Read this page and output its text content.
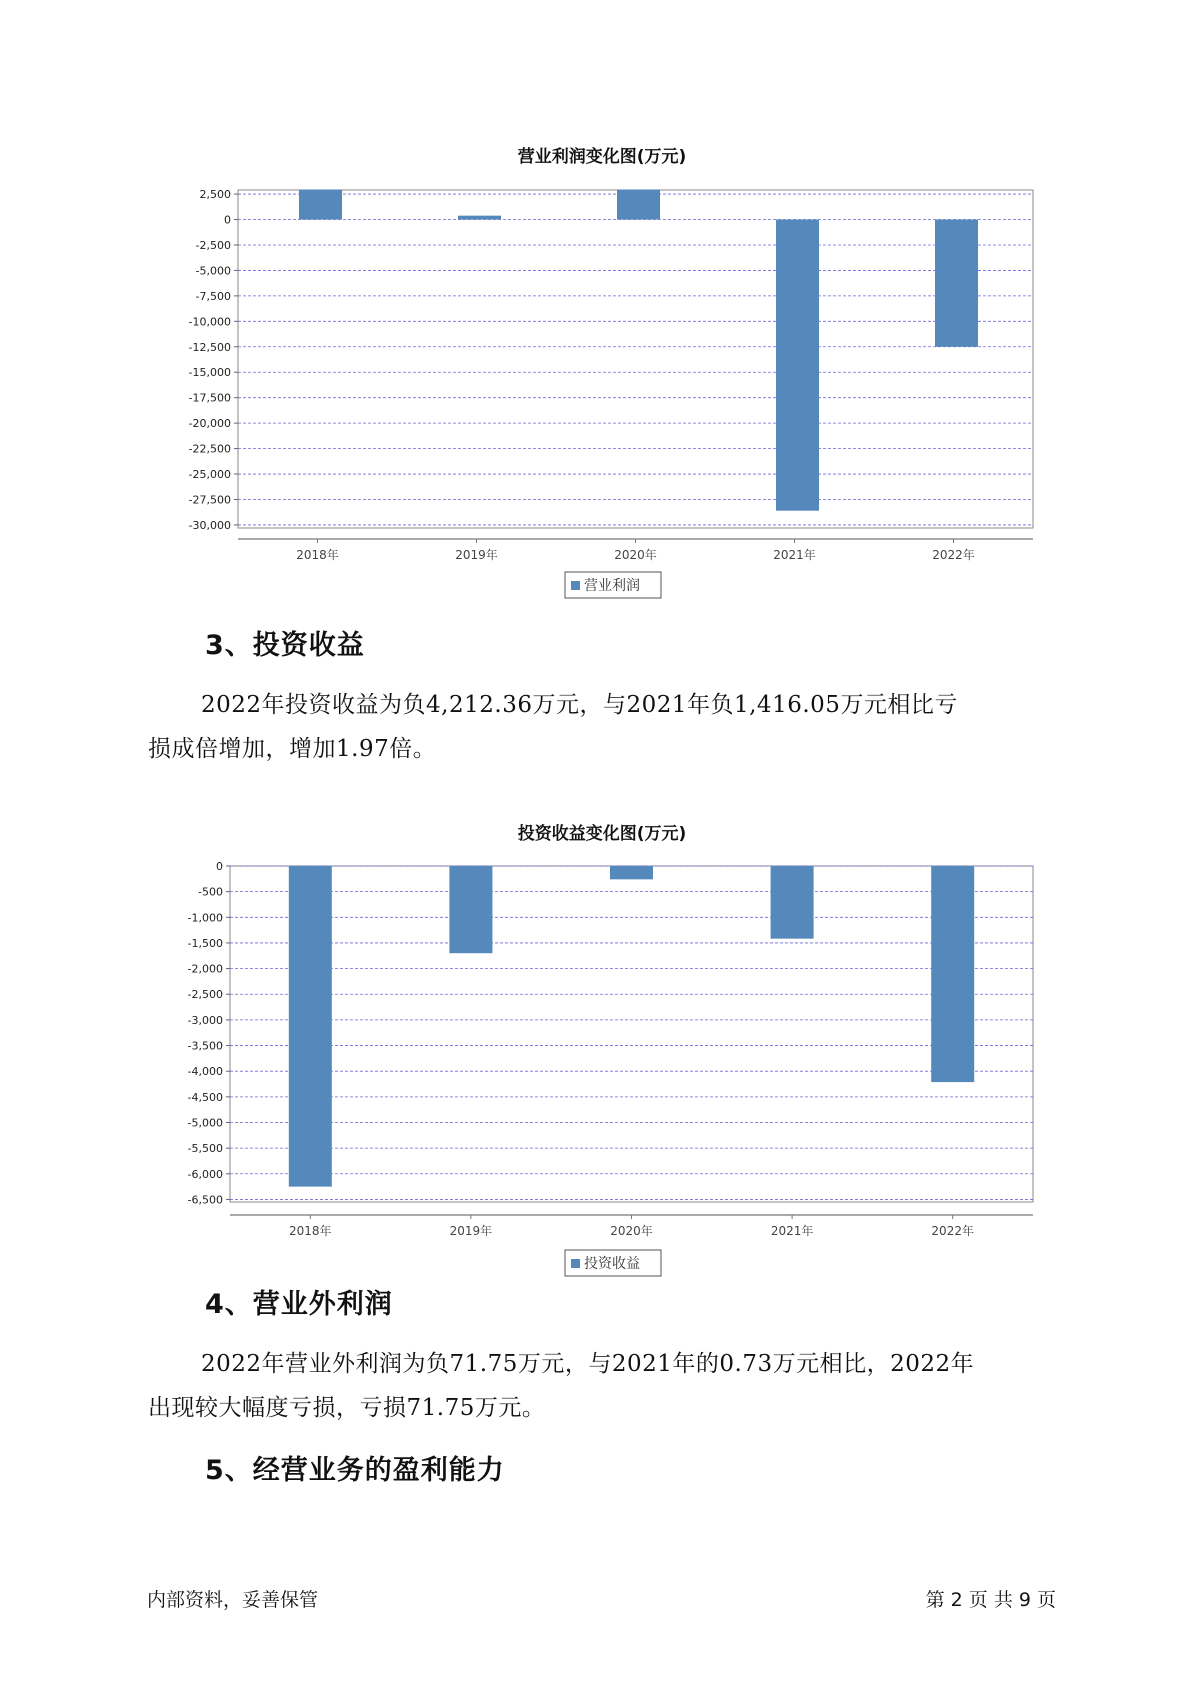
营业利润变化图(万元)
2,500
0
-2,500
-5,000
-7,500
-10,000
-12,500
-15,000
-17,500
-20,000
-22,500
-25,000
-27,500
-30,000
2018年	2019年	2020年	2021年	2022年
营业利润
投资收益变化图(万元)
0
-500
-1,000
-1,500
-2,000
-2,500
-3,000
-3,500
-4,000
-4,500
-5,000
-5,500
-6,000
-6,500
2018年	2019年	2020年	2021年	2022年
投资收益
3、投资收益
2022年投资收益为负4,212.36万元，与2021年负1,416.05万元相比亏
损成倍增加，增加1.97倍。
4、营业外利润
2022年营业外利润为负71.75万元，与2021年的0.73万元相比，2022年
出现较大幅度亏损，亏损71.75万元。
5、经营业务的盈利能力
内部资料，妥善保管	第 2 页 共 9 页
